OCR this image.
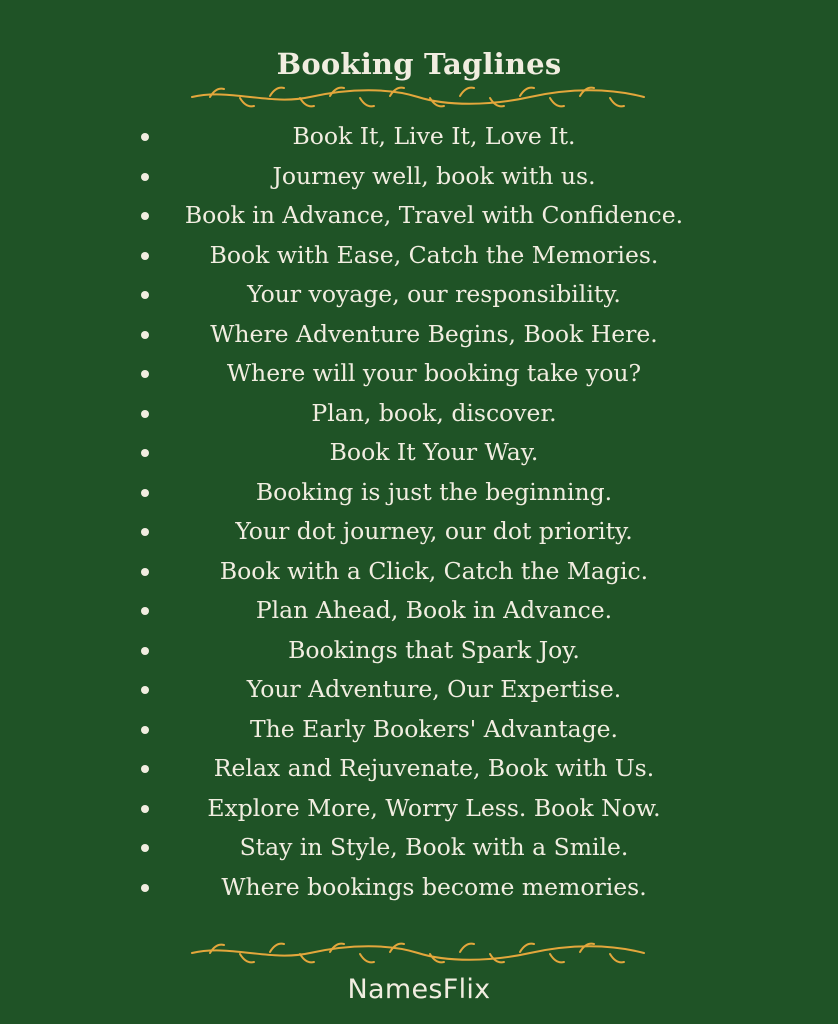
Booking Taglines
Book It, Live It, Love It.
Journey well, book with us.
Book in Advance, Travel with Confidence.
Book with Ease, Catch the Memories.
Your voyage, our responsibility.
Where Adventure Begins, Book Here.
Where will your booking take you?
Plan, book, discover.
Book It Your Way.
Booking is just the beginning.
Your dot journey, our dot priority.
Book with a Click, Catch the Magic.
Plan Ahead, Book in Advance.
Bookings that Spark Joy.
Your Adventure, Our Expertise.
The Early Bookers' Advantage.
Relax and Rejuvenate, Book with Us.
Explore More, Worry Less. Book Now.
Stay in Style, Book with a Smile.
Where bookings become memories.
NamesFlix
